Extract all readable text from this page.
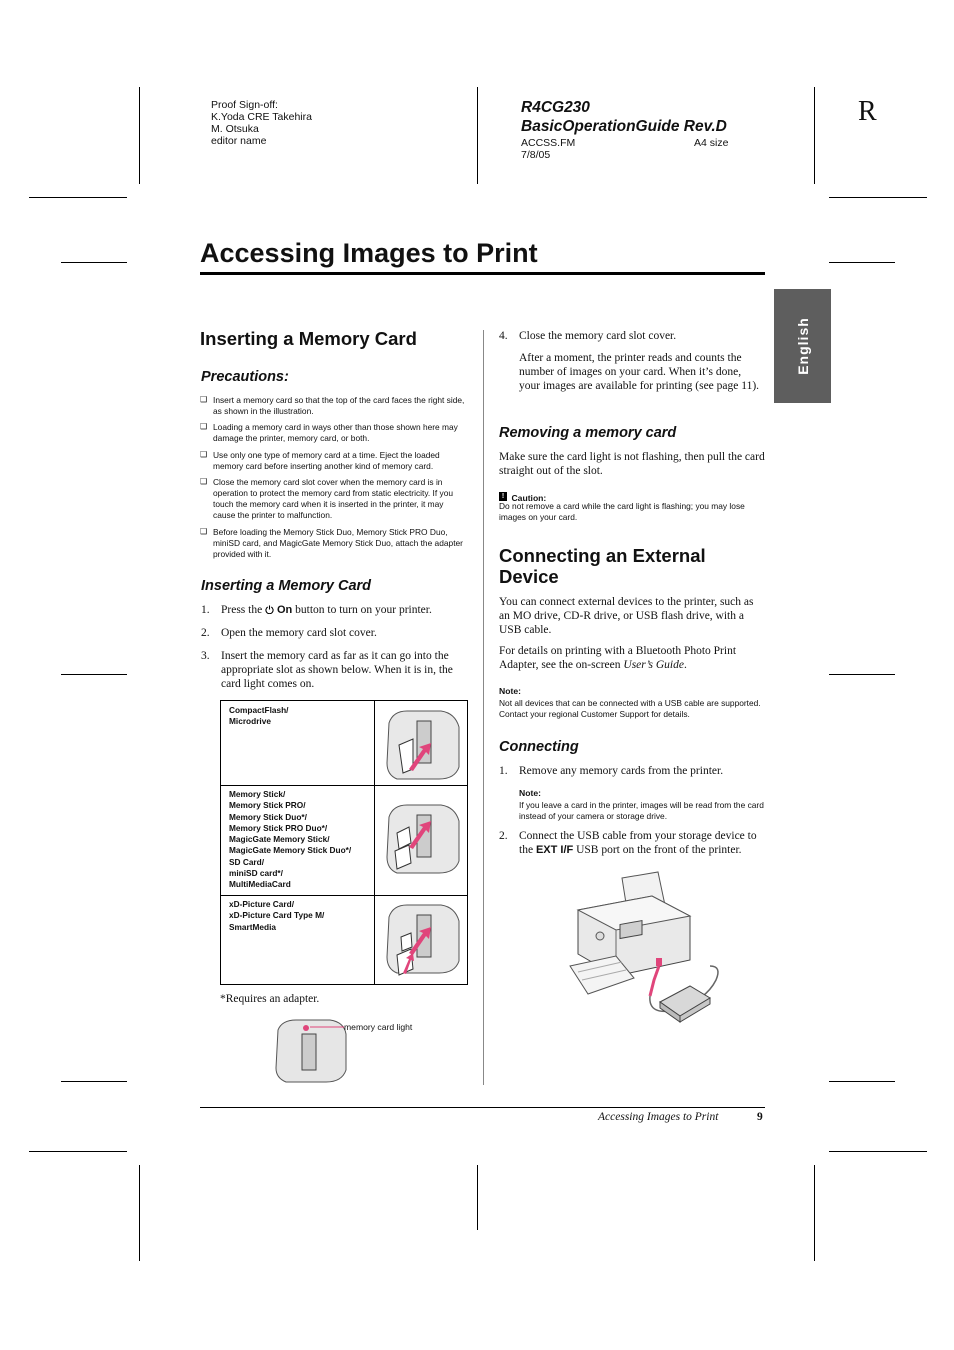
Proof Sign-off:
K.Yoda CRE Takehira
M. Otsuka
editor name
R4CG230
BasicOperationGuide Rev.D
ACCSS.FM
7/8/05
A4 size
R
Accessing Images to Print
English
Inserting a Memory Card
Precautions:
❑ Insert a memory card so that the top of the card faces the right side, as shown in the illustration.
❑ Loading a memory card in ways other than those shown here may damage the printer, memory card, or both.
❑ Use only one type of memory card at a time. Eject the loaded memory card before inserting another kind of memory card.
❑ Close the memory card slot cover when the memory card is in operation to protect the memory card from static electricity. If you touch the memory card when it is inserted in the printer, it may cause the printer to malfunction.
❑ Before loading the Memory Stick Duo, Memory Stick PRO Duo, miniSD card, and MagicGate Memory Stick Duo, attach the adapter provided with it.
Inserting a Memory Card
1. Press the On button to turn on your printer.
2. Open the memory card slot cover.
3. Insert the memory card as far as it can go into the appropriate slot as shown below. When it is in, the card light comes on.
CompactFlash/
Microdrive
Memory Stick/
Memory Stick PRO/
Memory Stick Duo*/
Memory Stick PRO Duo*/
MagicGate Memory Stick/
MagicGate Memory Stick Duo*/
SD Card/
miniSD card*/
MultiMediaCard
xD-Picture Card/
xD-Picture Card Type M/
SmartMedia
*Requires an adapter.
memory card light
4. Close the memory card slot cover.
After a moment, the printer reads and counts the number of images on your card. When it’s done, your images are available for printing (see page 11).
Removing a memory card
Make sure the card light is not flashing, then pull the card straight out of the slot.
! Caution:
Do not remove a card while the card light is flashing; you may lose images on your card.
Connecting an External Device
You can connect external devices to the printer, such as an MO drive, CD-R drive, or USB flash drive, with a USB cable.
For details on printing with a Bluetooth Photo Print Adapter, see the on-screen User’s Guide.
Note:
Not all devices that can be connected with a USB cable are supported. Contact your regional Customer Support for details.
Connecting
1. Remove any memory cards from the printer.
Note:
If you leave a card in the printer, images will be read from the card instead of your camera or storage drive.
2. Connect the USB cable from your storage device to the EXT I/F USB port on the front of the printer.
Accessing Images to Print	9
